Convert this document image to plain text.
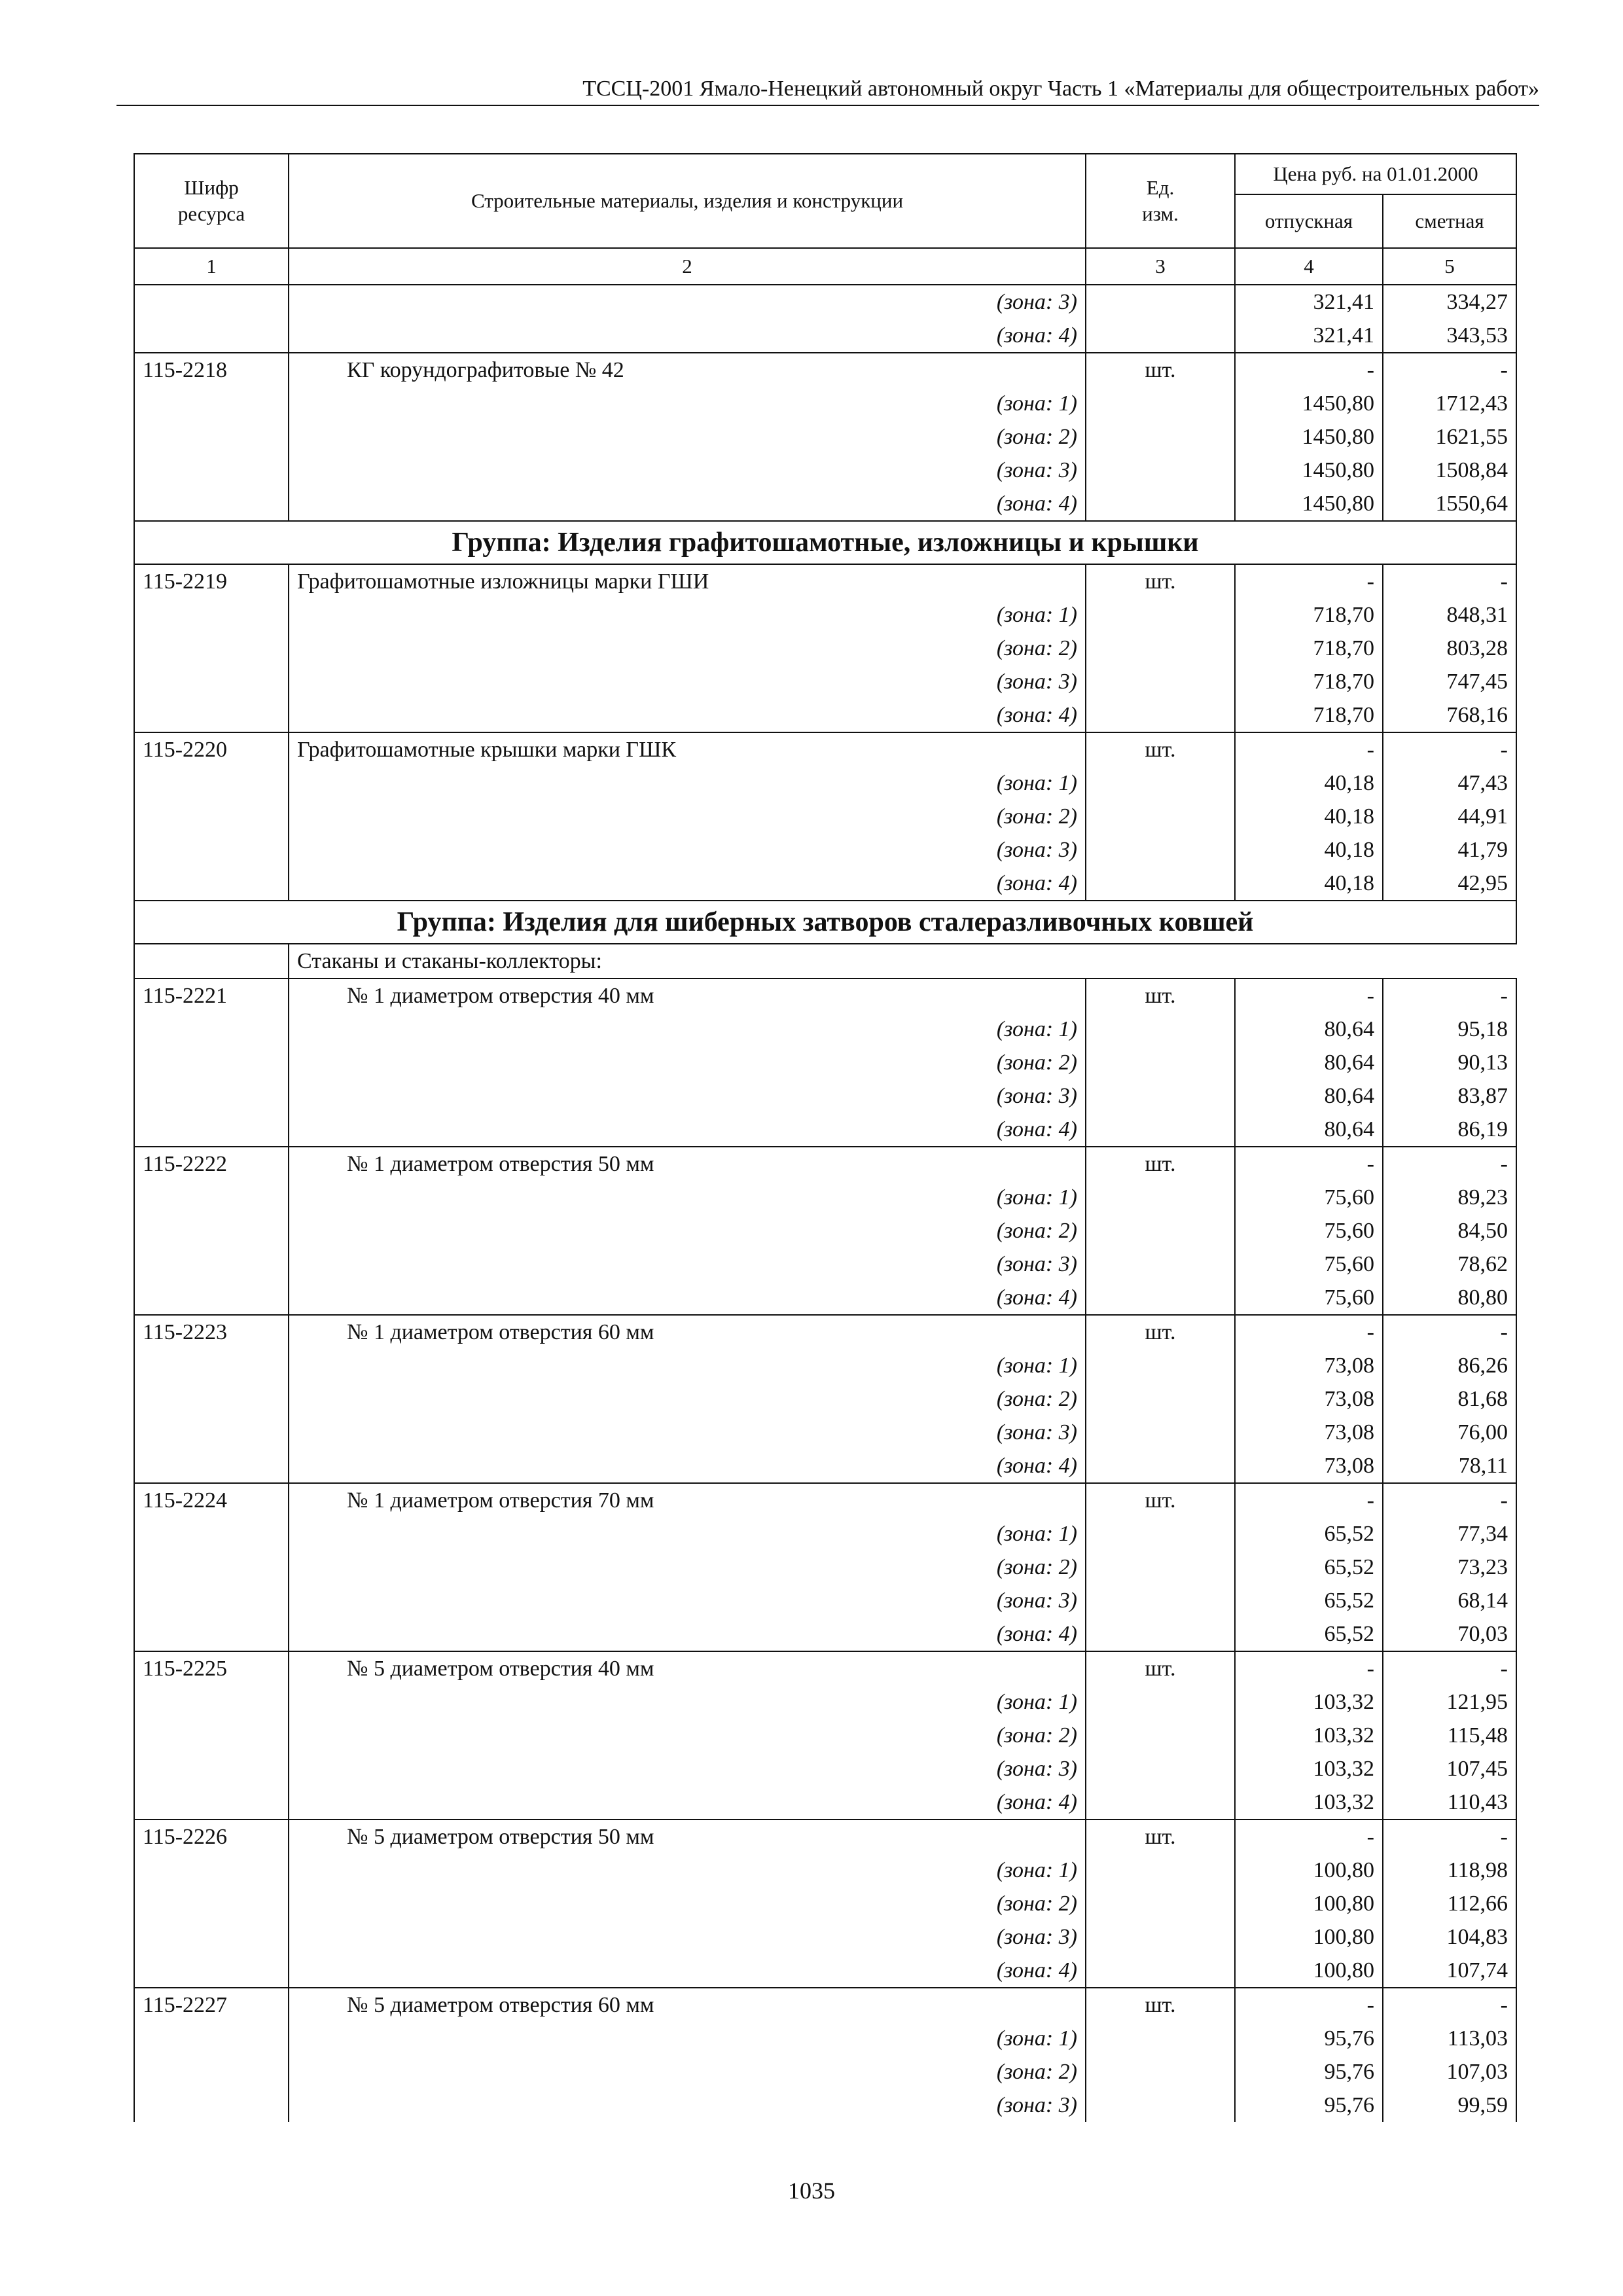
ТССЦ-2001 Ямало-Ненецкий автономный округ Часть 1 «Материалы для общестроительных работ»
Шифр
ресурса	Строительные материалы, изделия и конструкции	Ед.
изм.	Цена руб. на 01.01.2000	
			отпускная	сметная
1	2	3	4	5
	(зона: 3)		321,41	334,27
	(зона: 4)		321,41	343,53
115-2218	КГ корундографитовые № 42	шт.	-	-
	(зона: 1)		1450,80	1712,43
	(зона: 2)		1450,80	1621,55
	(зона: 3)		1450,80	1508,84
	(зона: 4)		1450,80	1550,64
Группа: Изделия графитошамотные, изложницы и крышки				
115-2219	Графитошамотные изложницы марки ГШИ	шт.	-	-
	(зона: 1)		718,70	848,31
	(зона: 2)		718,70	803,28
	(зона: 3)		718,70	747,45
	(зона: 4)		718,70	768,16
115-2220	Графитошамотные крышки марки ГШК	шт.	-	-
	(зона: 1)		40,18	47,43
	(зона: 2)		40,18	44,91
	(зона: 3)		40,18	41,79
	(зона: 4)		40,18	42,95
Группа: Изделия для шиберных затворов сталеразливочных ковшей				
	Стаканы и стаканы-коллекторы:			
115-2221	№ 1 диаметром отверстия 40 мм	шт.	-	-
	(зона: 1)		80,64	95,18
	(зона: 2)		80,64	90,13
	(зона: 3)		80,64	83,87
	(зона: 4)		80,64	86,19
115-2222	№ 1 диаметром отверстия 50 мм	шт.	-	-
	(зона: 1)		75,60	89,23
	(зона: 2)		75,60	84,50
	(зона: 3)		75,60	78,62
	(зона: 4)		75,60	80,80
115-2223	№ 1 диаметром отверстия 60 мм	шт.	-	-
	(зона: 1)		73,08	86,26
	(зона: 2)		73,08	81,68
	(зона: 3)		73,08	76,00
	(зона: 4)		73,08	78,11
115-2224	№ 1 диаметром отверстия 70 мм	шт.	-	-
	(зона: 1)		65,52	77,34
	(зона: 2)		65,52	73,23
	(зона: 3)		65,52	68,14
	(зона: 4)		65,52	70,03
115-2225	№ 5 диаметром отверстия 40 мм	шт.	-	-
	(зона: 1)		103,32	121,95
	(зона: 2)		103,32	115,48
	(зона: 3)		103,32	107,45
	(зона: 4)		103,32	110,43
115-2226	№ 5 диаметром отверстия 50 мм	шт.	-	-
	(зона: 1)		100,80	118,98
	(зона: 2)		100,80	112,66
	(зона: 3)		100,80	104,83
	(зона: 4)		100,80	107,74
115-2227	№ 5 диаметром отверстия 60 мм	шт.	-	-
	(зона: 1)		95,76	113,03
	(зона: 2)		95,76	107,03
	(зона: 3)		95,76	99,59
1035
